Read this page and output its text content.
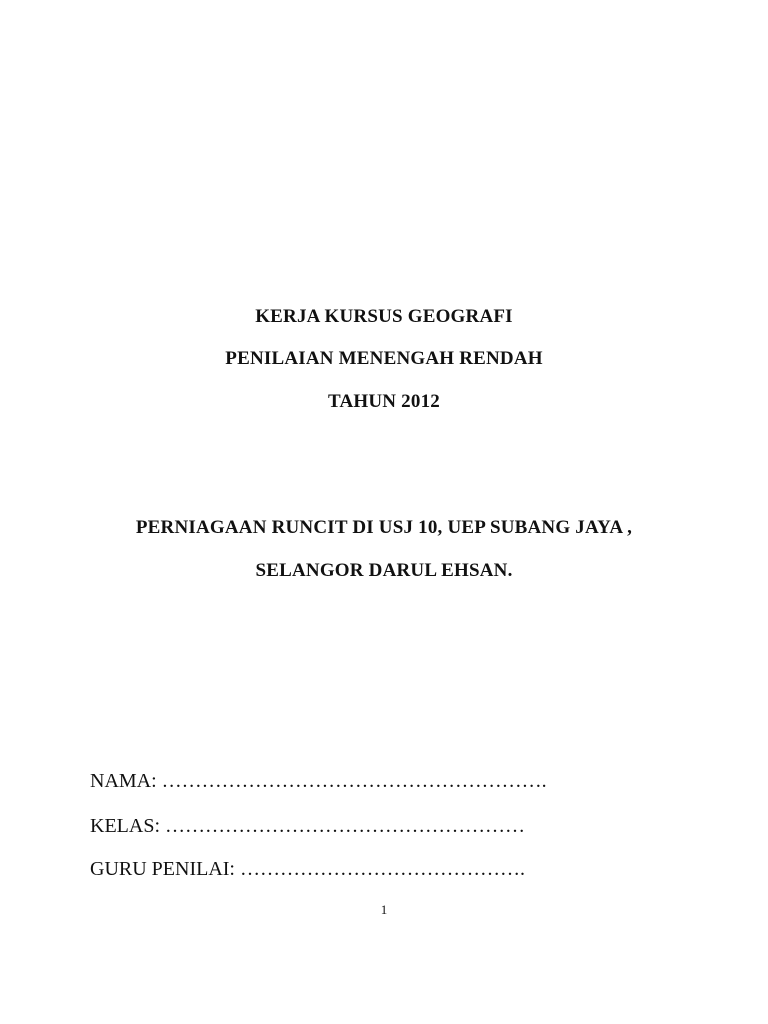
KERJA KURSUS GEOGRAFI
PENILAIAN MENENGAH RENDAH
TAHUN 2012
PERNIAGAAN RUNCIT DI USJ 10, UEP SUBANG JAYA ,
SELANGOR DARUL EHSAN.
NAMA: ………………………………………………….
KELAS: ………………………………………………
GURU PENILAI: …………………………………….
1
